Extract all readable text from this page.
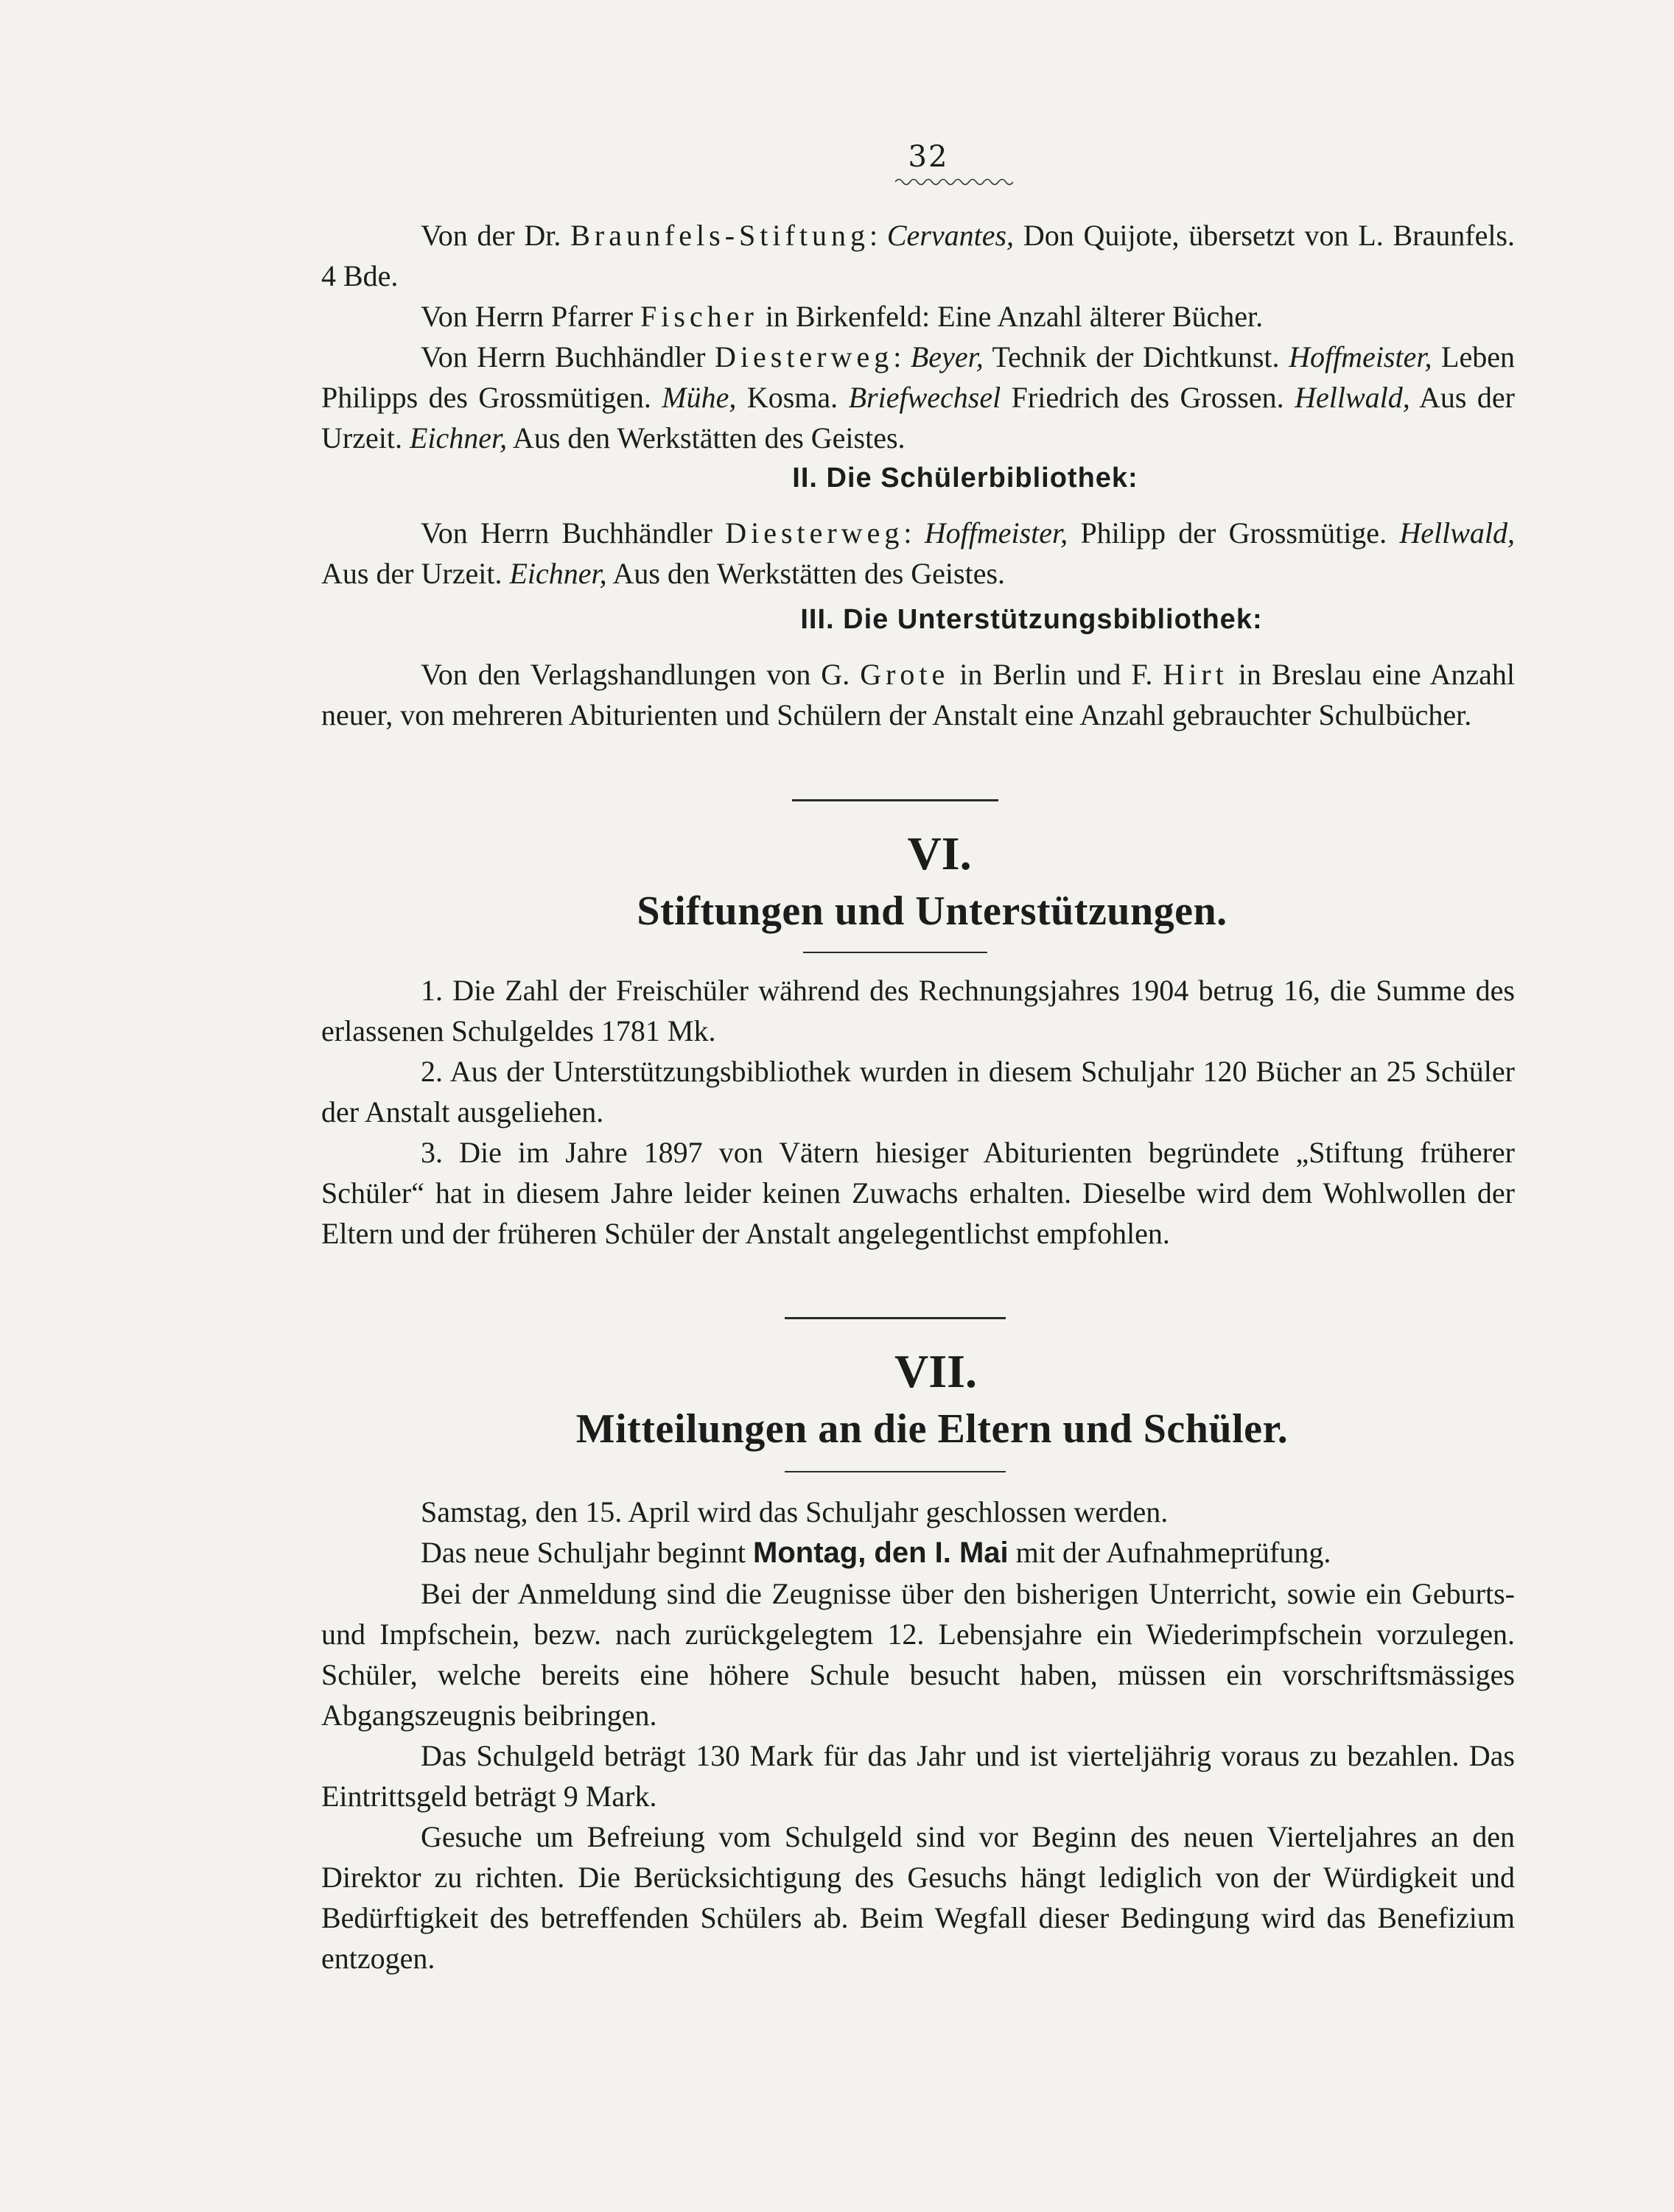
32

Von der Dr. Braunfels-Stiftung: Cervantes, Don Quijote, übersetzt von L. Braunfels. 4 Bde.

Von Herrn Pfarrer Fischer in Birkenfeld: Eine Anzahl älterer Bücher.

Von Herrn Buchhändler Diesterweg: Beyer, Technik der Dichtkunst. Hoffmeister, Leben Philipps des Grossmütigen. Mühe, Kosma. Briefwechsel Friedrich des Grossen. Hellwald, Aus der Urzeit. Eichner, Aus den Werkstätten des Geistes.

II. Die Schülerbibliothek:

Von Herrn Buchhändler Diesterweg: Hoffmeister, Philipp der Grossmütige. Hellwald, Aus der Urzeit. Eichner, Aus den Werkstätten des Geistes.

III. Die Unterstützungsbibliothek:

Von den Verlagshandlungen von G. Grote in Berlin und F. Hirt in Breslau eine Anzahl neuer, von mehreren Abiturienten und Schülern der Anstalt eine Anzahl gebrauchter Schulbücher.

VI.
Stiftungen und Unterstützungen.

1. Die Zahl der Freischüler während des Rechnungsjahres 1904 betrug 16, die Summe des erlassenen Schulgeldes 1781 Mk.

2. Aus der Unterstützungsbibliothek wurden in diesem Schuljahr 120 Bücher an 25 Schüler der Anstalt ausgeliehen.

3. Die im Jahre 1897 von Vätern hiesiger Abiturienten begründete „Stiftung früherer Schüler“ hat in diesem Jahre leider keinen Zuwachs erhalten. Dieselbe wird dem Wohlwollen der Eltern und der früheren Schüler der Anstalt angelegentlichst empfohlen.

VII.
Mitteilungen an die Eltern und Schüler.

Samstag, den 15. April wird das Schuljahr geschlossen werden.

Das neue Schuljahr beginnt Montag, den I. Mai mit der Aufnahmeprüfung.

Bei der Anmeldung sind die Zeugnisse über den bisherigen Unterricht, sowie ein Geburts- und Impfschein, bezw. nach zurückgelegtem 12. Lebensjahre ein Wiederimpfschein vorzulegen. Schüler, welche bereits eine höhere Schule besucht haben, müssen ein vorschriftsmässiges Abgangszeugnis beibringen.

Das Schulgeld beträgt 130 Mark für das Jahr und ist vierteljährig voraus zu bezahlen. Das Eintrittsgeld beträgt 9 Mark.

Gesuche um Befreiung vom Schulgeld sind vor Beginn des neuen Vierteljahres an den Direktor zu richten. Die Berücksichtigung des Gesuchs hängt lediglich von der Würdigkeit und Bedürftigkeit des betreffenden Schülers ab. Beim Wegfall dieser Bedingung wird das Benefizium entzogen.
